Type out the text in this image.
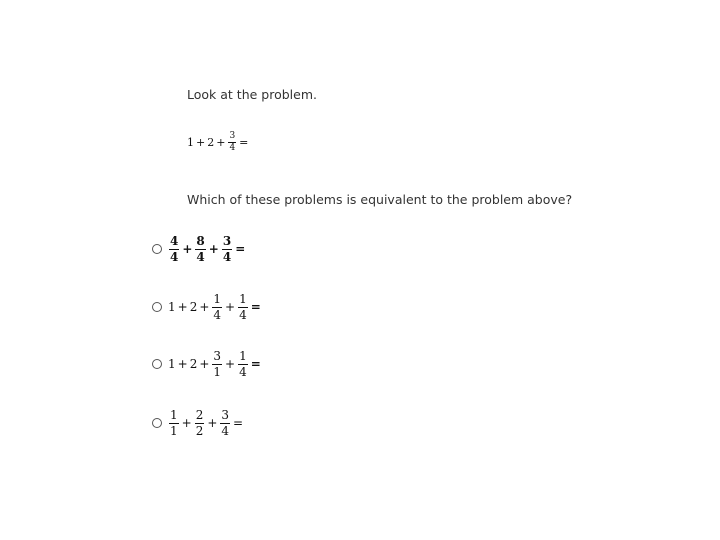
Look at the problem.
$1 + 2 + \frac{3}{4}$ =
Which of these problems is equivalent to the problem above?
$\frac{4}{4} + \frac{8}{4} + \frac{3}{4}$ =
$1 + 2 + \frac{1}{4} + \frac{1}{4}$ =
$1 + 2 + \frac{3}{1} + \frac{1}{4}$ =
$\frac{1}{1} + \frac{2}{2} + \frac{3}{4}$ =
